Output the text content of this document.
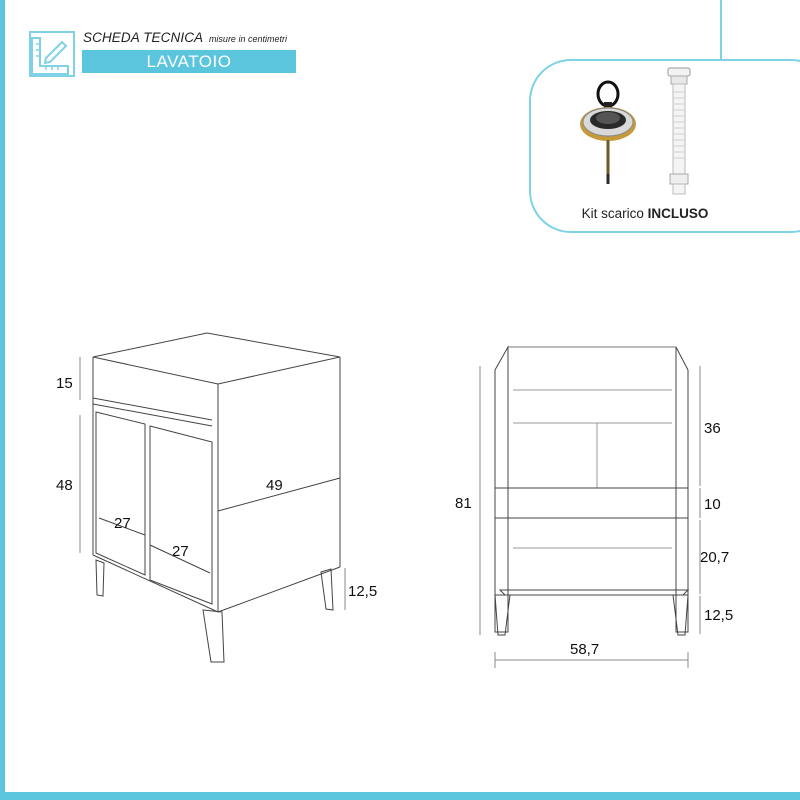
SCHEDA TECNICA misure in centimetri
LAVATOIO
Kit scarico INCLUSO
15
48	49
27
27
12,5
81
36
10
20,7
12,5
58,7
